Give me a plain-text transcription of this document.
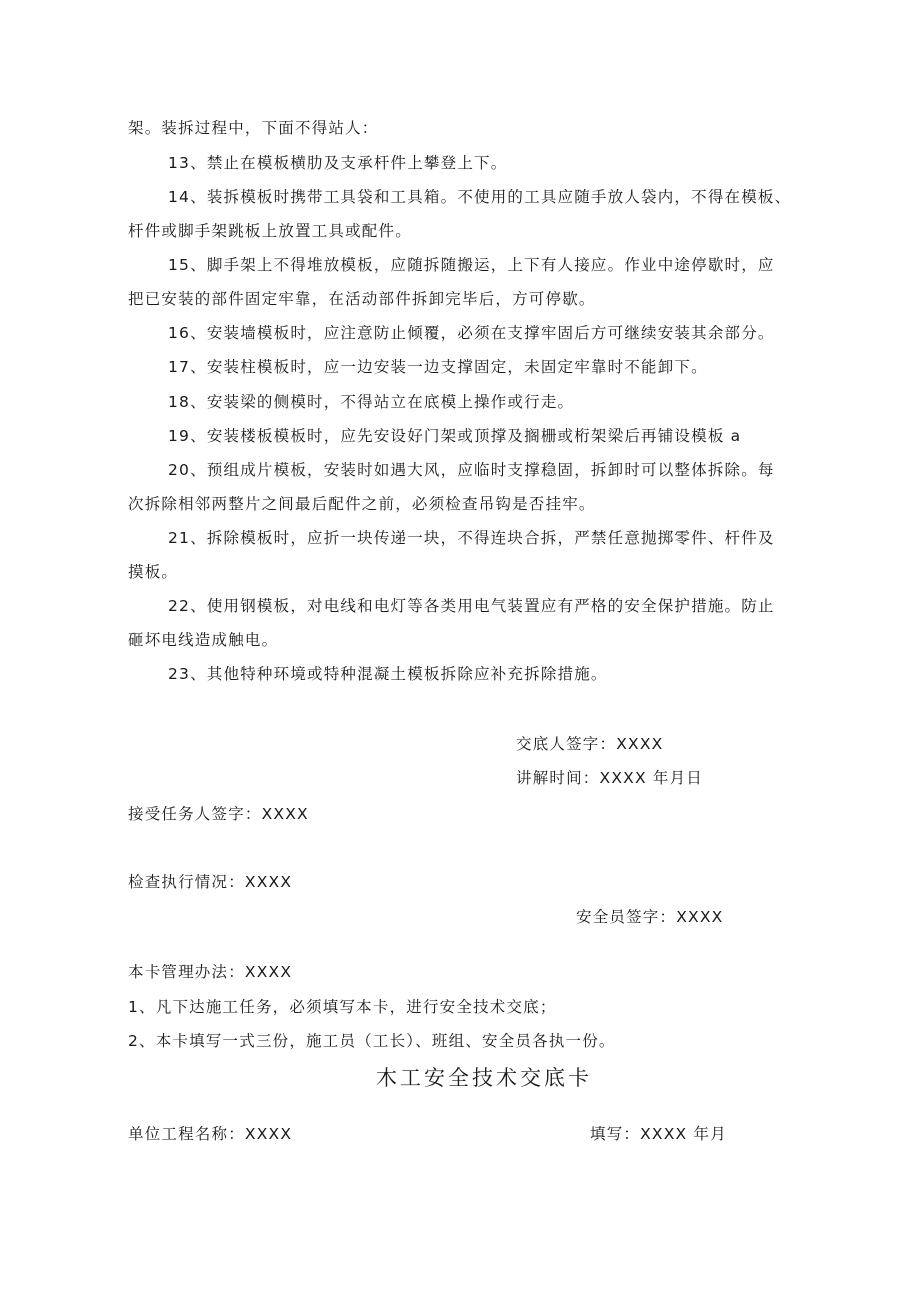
架。装拆过程中，下面不得站人：
13、禁止在模板横肋及支承杆件上攀登上下。
14、装拆模板时携带工具袋和工具箱。不使用的工具应随手放人袋内，不得在模板、
杆件或脚手架跳板上放置工具或配件。
15、脚手架上不得堆放模板，应随拆随搬运，上下有人接应。作业中途停歇时，应
把已安装的部件固定牢靠，在活动部件拆卸完毕后，方可停歇。
16、安装墙模板时，应注意防止倾覆，必须在支撑牢固后方可继续安装其余部分。
17、安装柱模板时，应一边安装一边支撑固定，未固定牢靠时不能卸下。
18、安装梁的侧模时，不得站立在底模上操作或行走。
19、安装楼板模板时，应先安设好门架或顶撑及搁栅或桁架梁后再铺设模板 a
20、预组成片模板，安装时如遇大风，应临时支撑稳固，拆卸时可以整体拆除。每
次拆除相邻两整片之间最后配件之前，必须检查吊钩是否挂牢。
21、拆除模板时，应折一块传递一块，不得连块合拆，严禁任意抛掷零件、杆件及
摸板。
22、使用钢模板，对电线和电灯等各类用电气装置应有严格的安全保护措施。防止
砸坏电线造成触电。
23、其他特种环境或特种混凝土模板拆除应补充拆除措施。
交底人签字：XXXX
讲解时间：XXXX 年月日
接受任务人签字：XXXX
检查执行情况：XXXX
安全员签字：XXXX
本卡管理办法：XXXX
1、凡下达施工任务，必须填写本卡，进行安全技术交底；
2、本卡填写一式三份，施工员（工长）、班组、安全员各执一份。
木工安全技术交底卡
单位工程名称：XXXX	填写：XXXX 年月
